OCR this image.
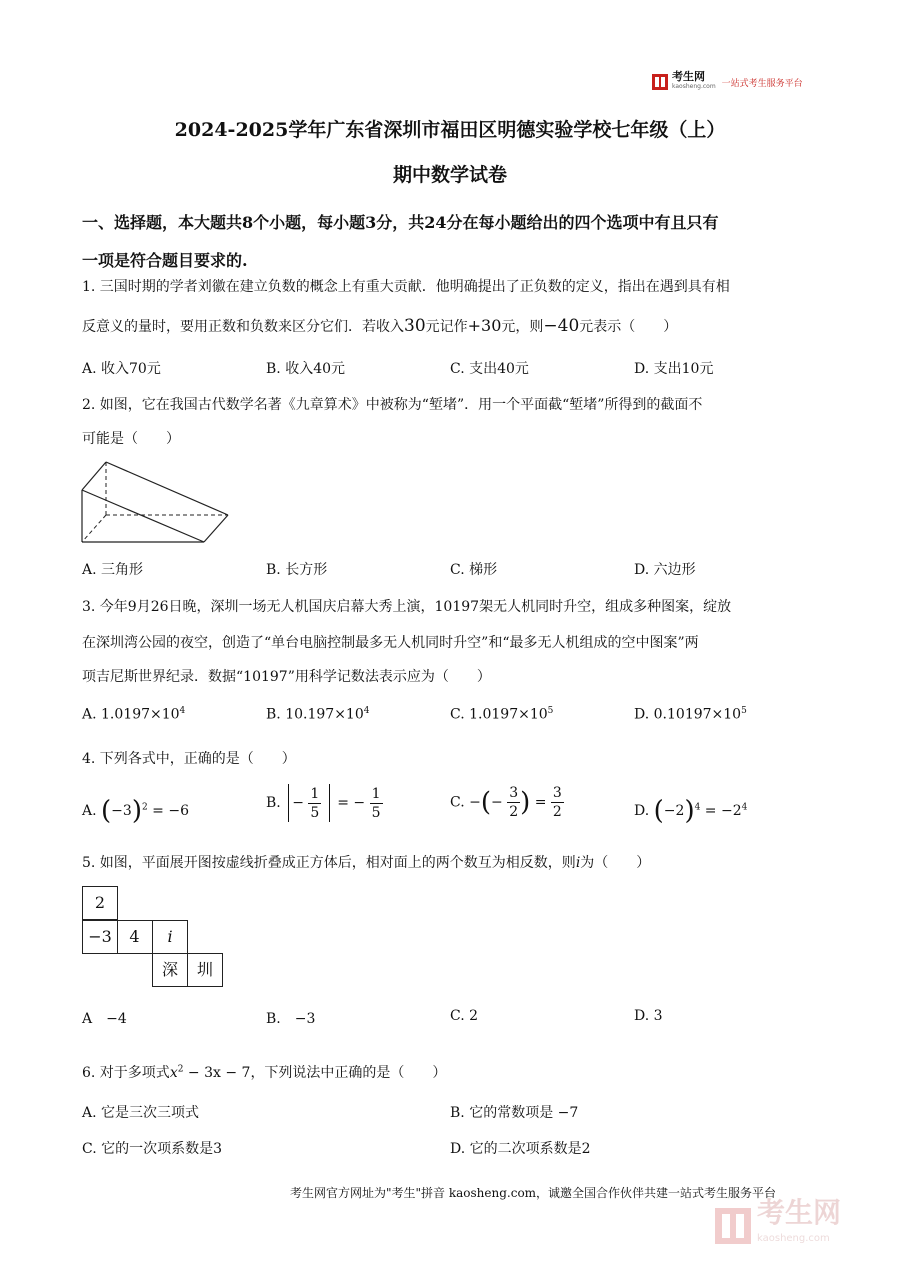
考生网
kaosheng.com 一站式考生服务平台
2024-2025学年广东省深圳市福田区明德实验学校七年级（上）
期中数学试卷
一、选择题，本大题共8个小题，每小题3分，共24分在每小题给出的四个选项中有且只有
一项是符合题目要求的.
1. 三国时期的学者刘徽在建立负数的概念上有重大贡献．他明确提出了正负数的定义，指出在遇到具有相
反意义的量时，要用正数和负数来区分它们．若收入30元记作+30元，则−40元表示（　　）
A. 收入70元	B. 收入40元	C. 支出40元	D. 支出10元
2. 如图，它在我国古代数学名著《九章算术》中被称为“堑堵”．用一个平面截“堑堵”所得到的截面不
可能是（　　）
A. 三角形	B. 长方形	C. 梯形	D. 六边形
3. 今年9月26日晚，深圳一场无人机国庆启幕大秀上演，10197架无人机同时升空，组成多种图案，绽放
在深圳湾公园的夜空，创造了“单台电脑控制最多无人机同时升空”和“最多无人机组成的空中图案”两
项吉尼斯世界纪录．数据“10197”用科学记数法表示应为（　　）
A. $1.0197\times 10^4$	B. $10.197\times 10^4$	C. $1.0197\times 10^5$	D. $0.10197\times 10^5$
4. 下列各式中，正确的是（　　）
A. $(-3)^2 = -6$	B. − $\frac{1}{5}$ = − $\frac{1}{5}$	C. −(− $\frac{3}{2}$ ) = $\frac{3}{2}$	D. $(-2)^4 = -2^4$
5. 如图，平面展开图按虚线折叠成正方体后，相对面上的两个数互为相反数，则i为（　　）
2
−3	4	i
深	圳
A　−4	B.　−3	C. 2	D. 3
6. 对于多项式$x^2 - 3x - 7$，下列说法中正确的是（　　）
A. 它是三次三项式	B. 它的常数项是 −7
C. 它的一次项系数是3	D. 它的二次项系数是2
考生网官方网址为"考生"拼音 kaosheng.com，诚邀全国合作伙伴共建一站式考生服务平台
考生网
kaosheng.com
